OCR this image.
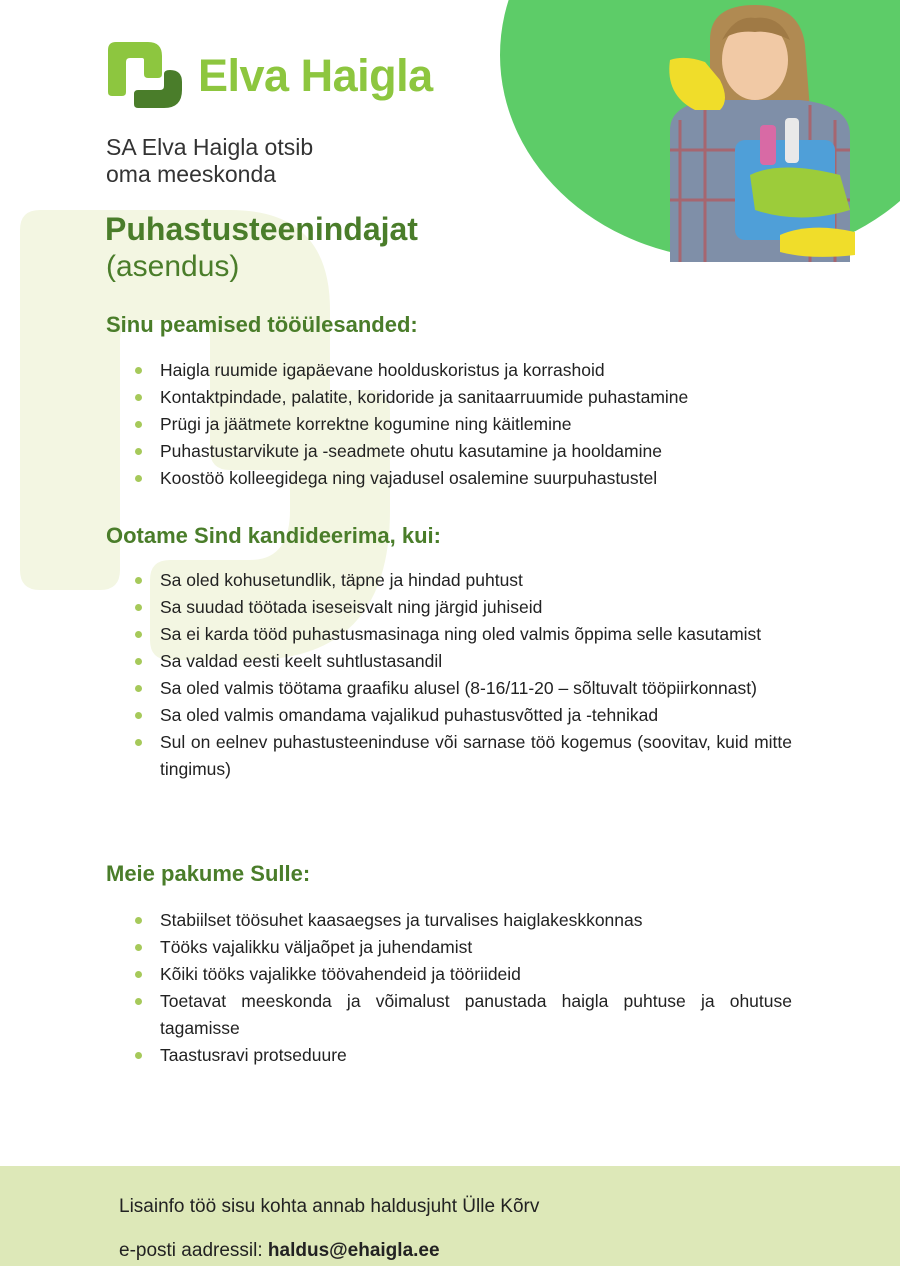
Elva Haigla
SA Elva Haigla otsib
oma meeskonda
Puhastusteenindajat
(asendus)
Sinu peamised tööülesanded:
Haigla ruumide igapäevane hoolduskoristus ja korrashoid
Kontaktpindade, palatite, koridoride ja sanitaarruumide puhastamine
Prügi ja jäätmete korrektne kogumine ning käitlemine
Puhastustarvikute ja -seadmete ohutu kasutamine ja hooldamine
Koostöö kolleegidega ning vajadusel osalemine suurpuhastustel
Ootame Sind kandideerima, kui:
Sa oled kohusetundlik, täpne ja hindad puhtust
Sa suudad töötada iseseisvalt ning järgid juhiseid
Sa ei karda tööd puhastusmasinaga ning oled valmis õppima selle kasutamist
Sa valdad eesti keelt suhtlustasandil
Sa oled valmis töötama graafiku alusel (8-16/11-20 – sõltuvalt tööpiirkonnast)
Sa oled valmis omandama vajalikud puhastusvõtted ja -tehnikad
Sul on eelnev puhastusteeninduse või sarnase töö kogemus (soovitav, kuid mitte tingimus)
Meie pakume Sulle:
Stabiilset töösuhet kaasaegses ja turvalises haiglakeskkonnas
Tööks vajalikku väljaõpet ja juhendamist
Kõiki tööks vajalikke töövahendeid ja tööriideid
Toetavat meeskonda ja võimalust panustada haigla puhtuse ja ohutuse tagamisse
Taastusravi protseduure
Lisainfo töö sisu kohta annab haldusjuht Ülle Kõrv
e-posti aadressil: haldus@ehaigla.ee
